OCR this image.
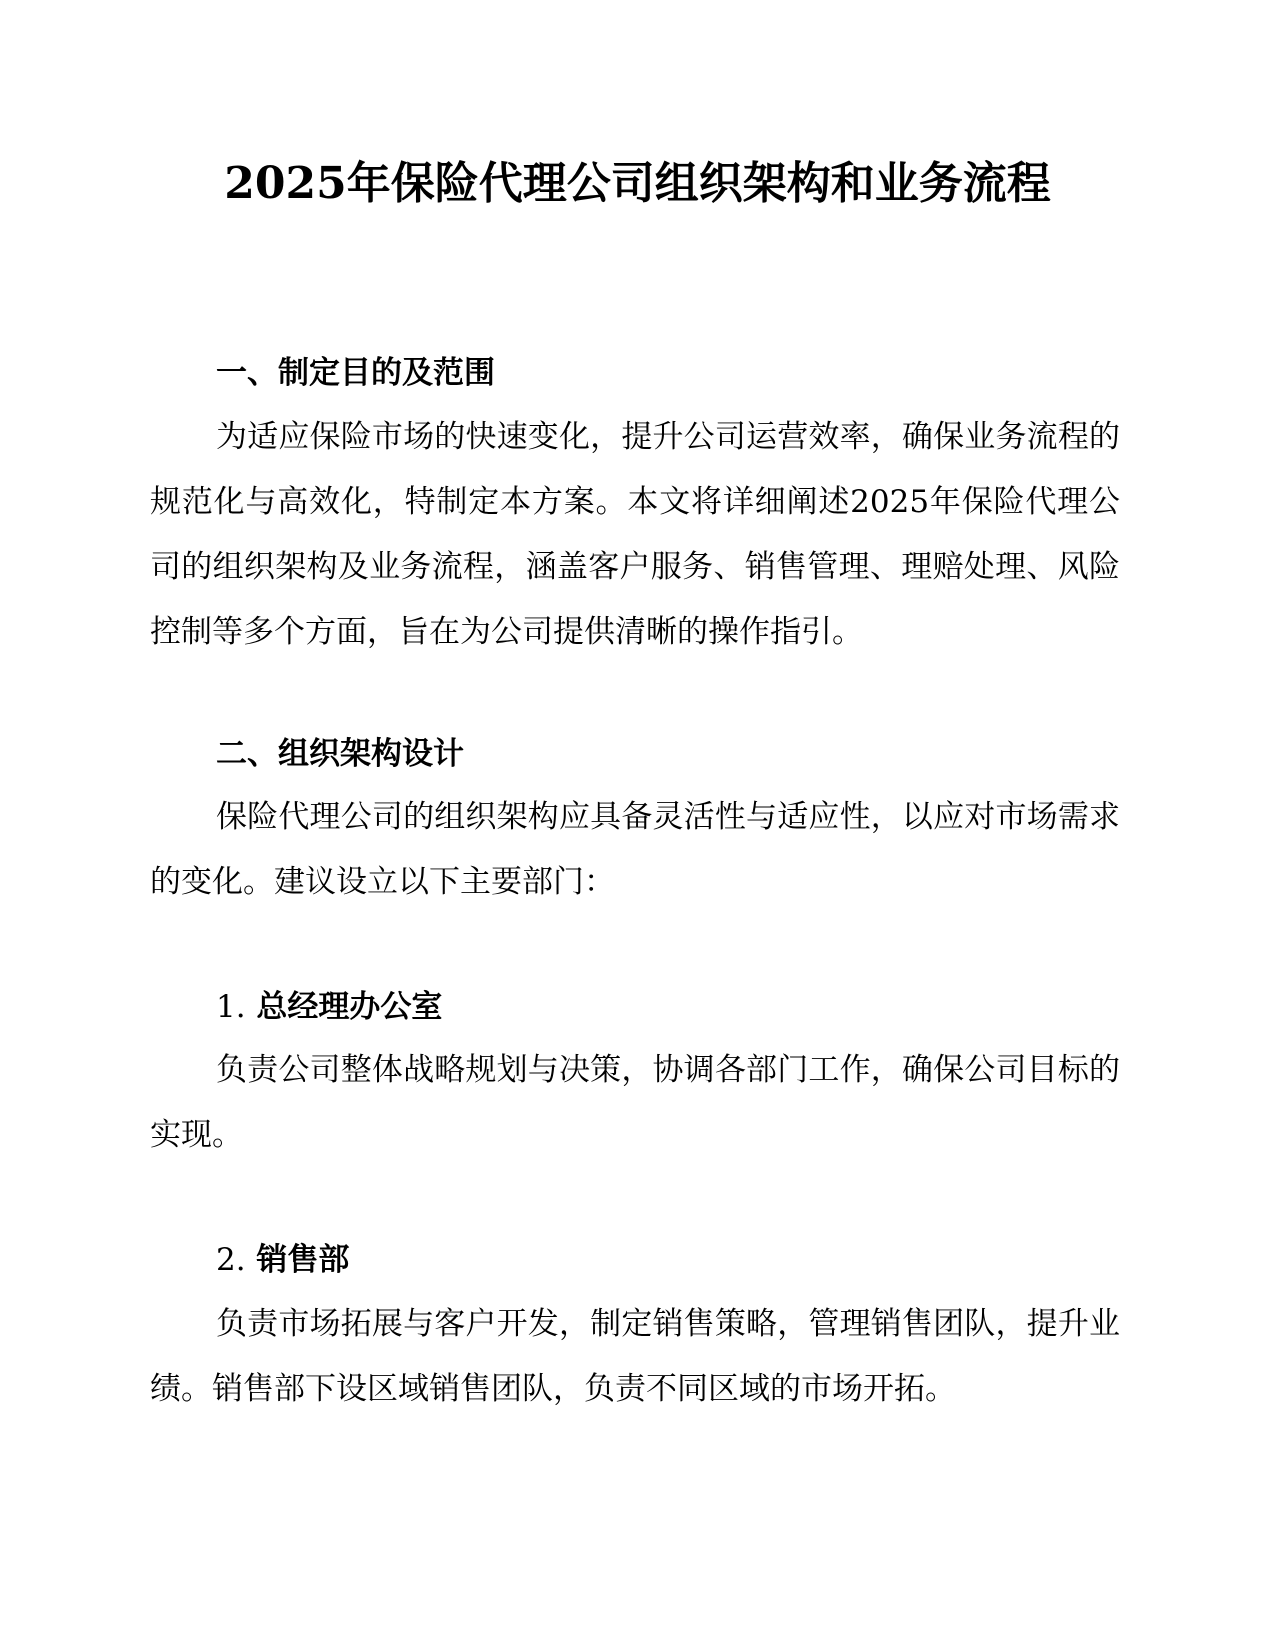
2025年保险代理公司组织架构和业务流程
一、制定目的及范围

为适应保险市场的快速变化，提升公司运营效率，确保业务流程的规范化与高效化，特制定本方案。本文将详细阐述2025年保险代理公司的组织架构及业务流程，涵盖客户服务、销售管理、理赔处理、风险控制等多个方面，旨在为公司提供清晰的操作指引。

二、组织架构设计

保险代理公司的组织架构应具备灵活性与适应性，以应对市场需求的变化。建议设立以下主要部门：

1. 总经理办公室

负责公司整体战略规划与决策，协调各部门工作，确保公司目标的实现。

2. 销售部

负责市场拓展与客户开发，制定销售策略，管理销售团队，提升业绩。销售部下设区域销售团队，负责不同区域的市场开拓。
